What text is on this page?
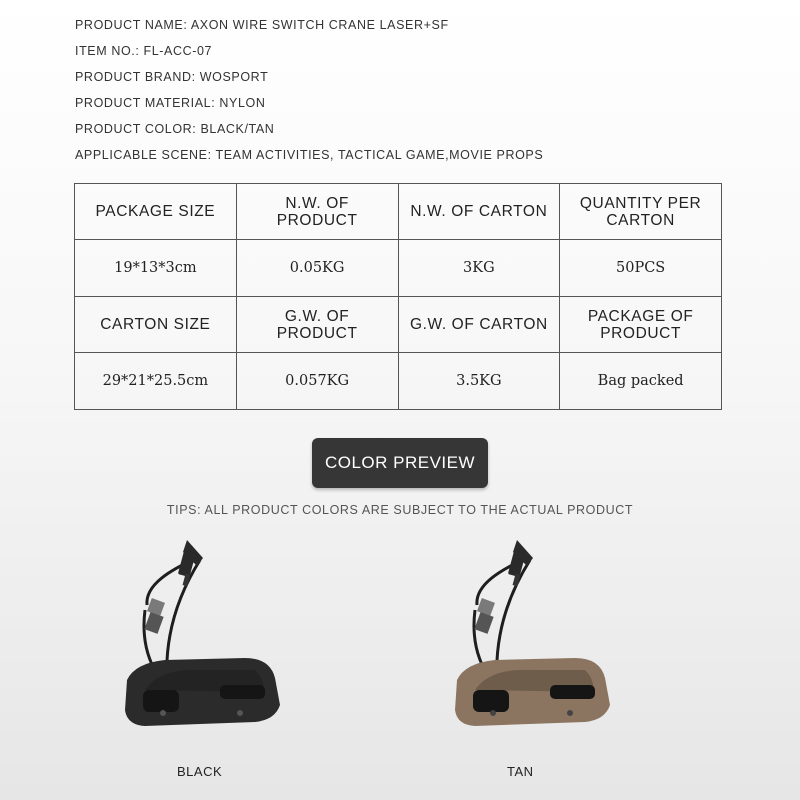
PRODUCT NAME: AXON WIRE SWITCH CRANE LASER+SF
ITEM NO.: FL-ACC-07
PRODUCT BRAND: WOSPORT
PRODUCT MATERIAL: NYLON
PRODUCT COLOR: BLACK/TAN
APPLICABLE SCENE: TEAM ACTIVITIES, TACTICAL GAME,MOVIE PROPS
PACKAGE SIZE	N.W. OF PRODUCT	N.W. OF CARTON	QUANTITY PER CARTON
19*13*3cm	0.05KG	3KG	50PCS
CARTON SIZE	G.W. OF PRODUCT	G.W. OF CARTON	PACKAGE OF PRODUCT
29*21*25.5cm	0.057KG	3.5KG	Bag packed
COLOR PREVIEW
TIPS: ALL PRODUCT COLORS ARE SUBJECT TO THE ACTUAL PRODUCT
BLACK	TAN
